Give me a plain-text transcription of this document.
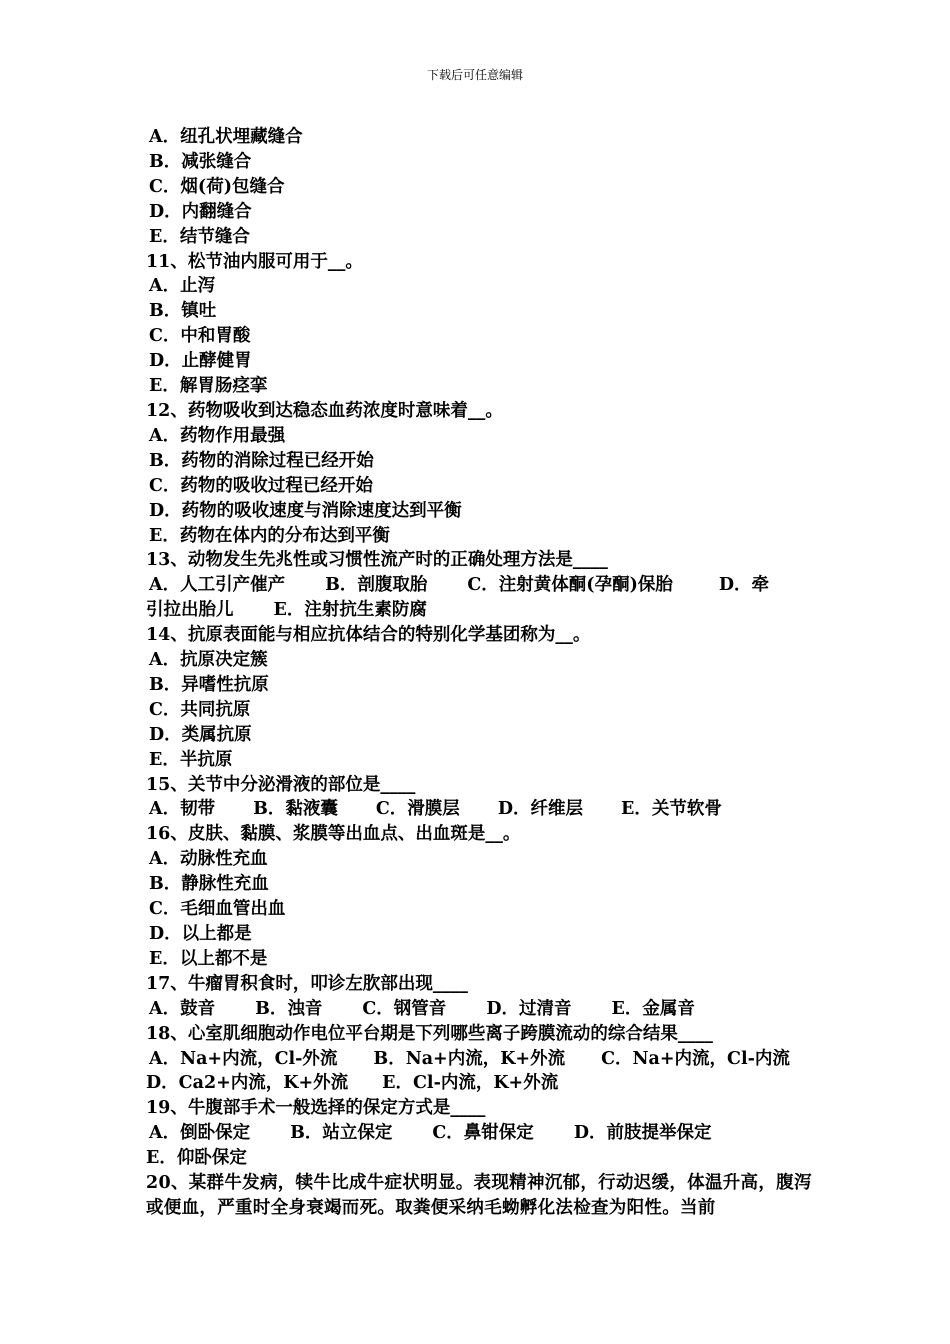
下载后可任意编辑
A．纽孔状埋藏缝合
B．减张缝合
C．烟(荷)包缝合
D．内翻缝合
E．结节缝合
11、松节油内服可用于__。
A．止泻
B．镇吐
C．中和胃酸
D．止酵健胃
E．解胃肠痉挛
12、药物吸收到达稳态血药浓度时意味着__。
A．药物作用最强
B．药物的消除过程已经开始
C．药物的吸收过程已经开始
D．药物的吸收速度与消除速度达到平衡
E．药物在体内的分布达到平衡
13、动物发生先兆性或习惯性流产时的正确处理方法是____
A．人工引产催产 B．剖腹取胎 C．注射黄体酮(孕酮)保胎	D．牵
引拉出胎儿 E．注射抗生素防腐
14、抗原表面能与相应抗体结合的特别化学基团称为__。
A．抗原决定簇
B．异嗜性抗原
C．共同抗原
D．类属抗原
E．半抗原
15、关节中分泌滑液的部位是____
A．韧带 B．黏液囊 C．滑膜层 D．纤维层 E．关节软骨
16、皮肤、黏膜、浆膜等出血点、出血斑是__。
A．动脉性充血
B．静脉性充血
C．毛细血管出血
D．以上都是
E．以上都不是
17、牛瘤胃积食时，叩诊左肷部出现____
A．鼓音 B．浊音 C．钢管音 D．过清音 E．金属音
18、心室肌细胞动作电位平台期是下列哪些离子跨膜流动的综合结果____
A．Na+内流，Cl-外流 B．Na+内流，K+外流 C．Na+内流，Cl-内流
D．Ca2+内流，K+外流 E．Cl-内流，K+外流
19、牛腹部手术一般选择的保定方式是____
A．倒卧保定 B．站立保定 C．鼻钳保定 D．前肢提举保定
E．仰卧保定
20、某群牛发病，犊牛比成牛症状明显。表现精神沉郁，行动迟缓，体温升高，腹泻或便血，严重时全身衰竭而死。取粪便采纳毛蚴孵化法检查为阳性。当前
